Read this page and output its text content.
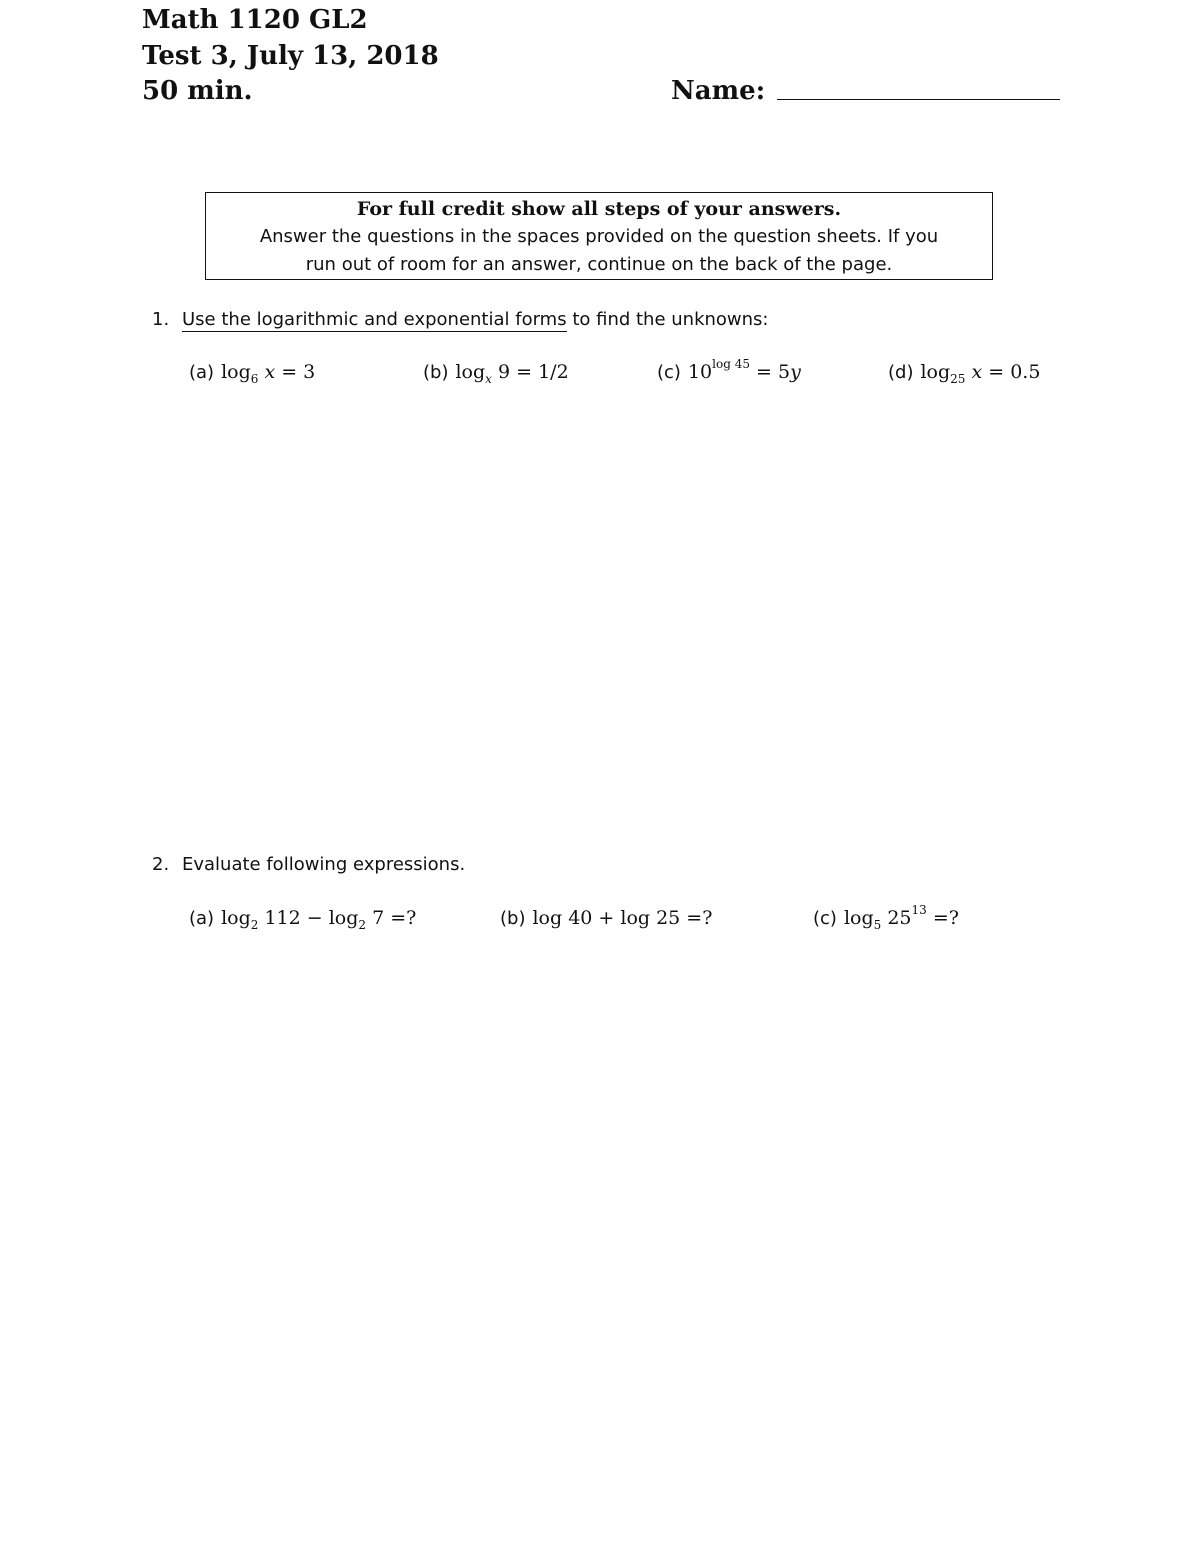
Math 1120 GL2
Test 3, July 13, 2018
50 min.	Name:
For full credit show all steps of your answers.
Answer the questions in the spaces provided on the question sheets. If you
run out of room for an answer, continue on the back of the page.
1. Use the logarithmic and exponential forms to find the unknowns:
(a) $\log_6 x = 3$	(b) $\log_x 9 = 1/2$	(c) $10^{log 45} = 5y$	(d) $\log_{25} x = 0.5$
2. Evaluate following expressions.
(a) $\log_2 112 - \log_2 7$ =?	(b) log 40 + log 25 =?	(c) $\log_5 25^{13}$ =?
